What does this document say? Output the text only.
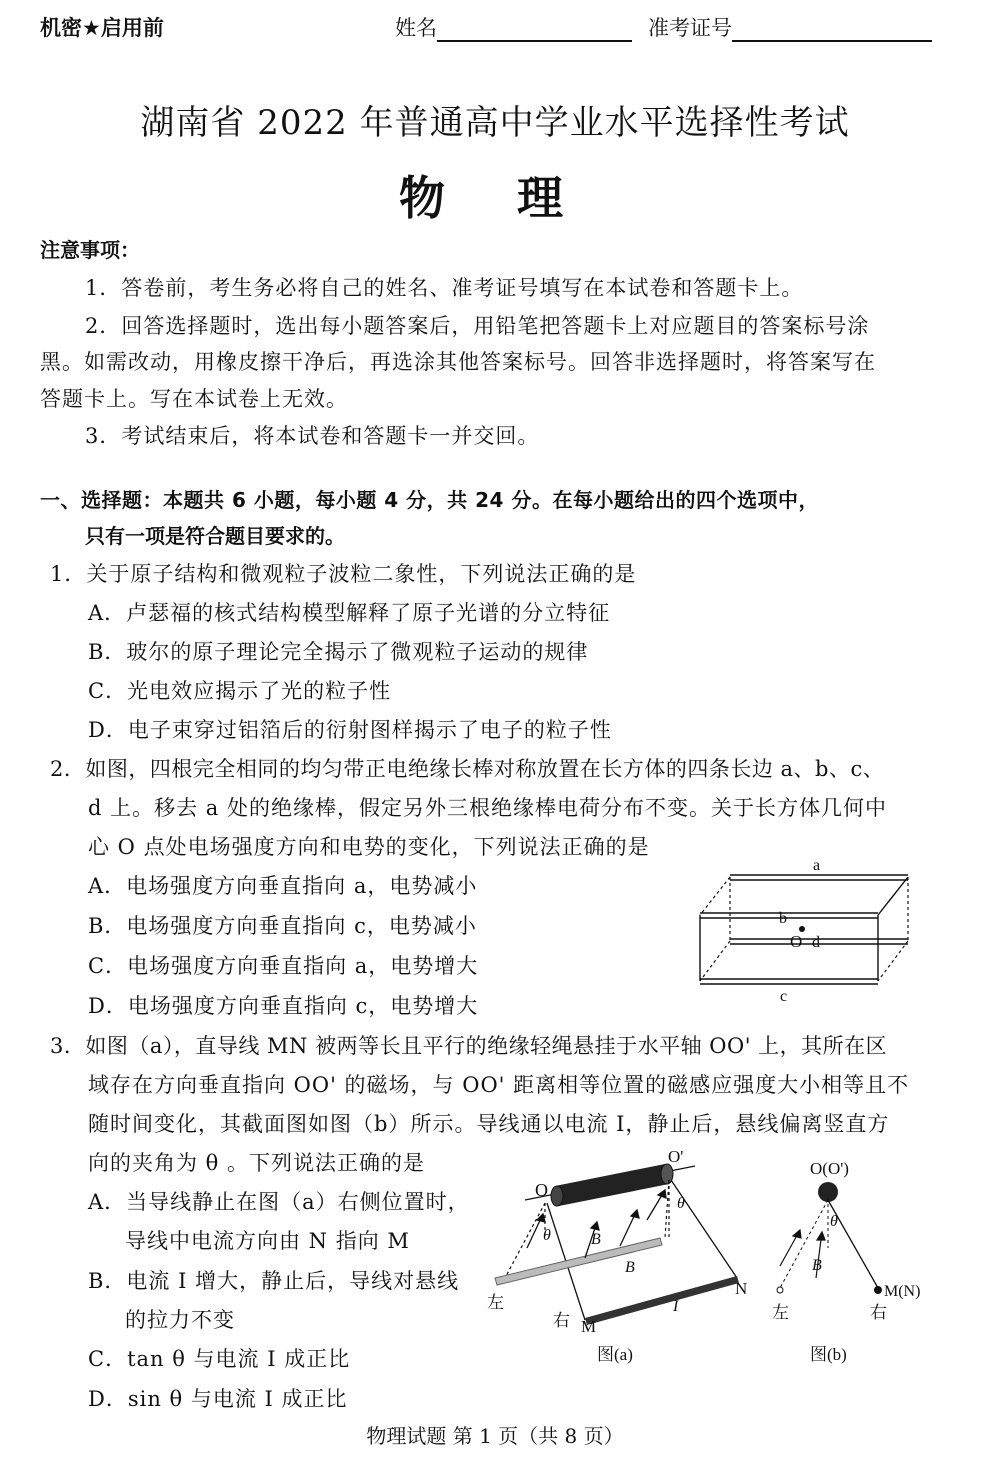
机密★启用前	姓名	准考证号
湖南省 2022 年普通高中学业水平选择性考试
物 理
注意事项：
1．答卷前，考生务必将自己的姓名、准考证号填写在本试卷和答题卡上。
2．回答选择题时，选出每小题答案后，用铅笔把答题卡上对应题目的答案标号涂
黑。如需改动，用橡皮擦干净后，再选涂其他答案标号。回答非选择题时，将答案写在
答题卡上。写在本试卷上无效。
3．考试结束后，将本试卷和答题卡一并交回。
一、选择题：本题共 6 小题，每小题 4 分，共 24 分。在每小题给出的四个选项中，
只有一项是符合题目要求的。
1．关于原子结构和微观粒子波粒二象性，下列说法正确的是
A．卢瑟福的核式结构模型解释了原子光谱的分立特征
B．玻尔的原子理论完全揭示了微观粒子运动的规律
C．光电效应揭示了光的粒子性
D．电子束穿过铝箔后的衍射图样揭示了电子的粒子性
2．如图，四根完全相同的均匀带正电绝缘长棒对称放置在长方体的四条长边 a、b、c、
d 上。移去 a 处的绝缘棒，假定另外三根绝缘棒电荷分布不变。关于长方体几何中
心 O 点处电场强度方向和电势的变化，下列说法正确的是
A．电场强度方向垂直指向 a，电势减小
B．电场强度方向垂直指向 c，电势减小
C．电场强度方向垂直指向 a，电势增大
D．电场强度方向垂直指向 c，电势增大
a
b
O d
c
3．如图（a），直导线 MN 被两等长且平行的绝缘轻绳悬挂于水平轴 OO' 上，其所在区
域存在方向垂直指向 OO' 的磁场，与 OO' 距离相等位置的磁感应强度大小相等且不
随时间变化，其截面图如图（b）所示。导线通以电流 I，静止后，悬线偏离竖直方
向的夹角为 θ 。下列说法正确的是
A．当导线静止在图（a）右侧位置时，
导线中电流方向由 N 指向 M
B．电流 I 增大，静止后，导线对悬线
的拉力不变
C．tan θ 与电流 I 成正比
D．sin θ 与电流 I 成正比
O
O'
θ
θ
B
B
左
右 M
N
I
图(a)
O(O')
θ
B
左	右
M(N)
图(b)
物理试题 第 1 页（共 8 页）
